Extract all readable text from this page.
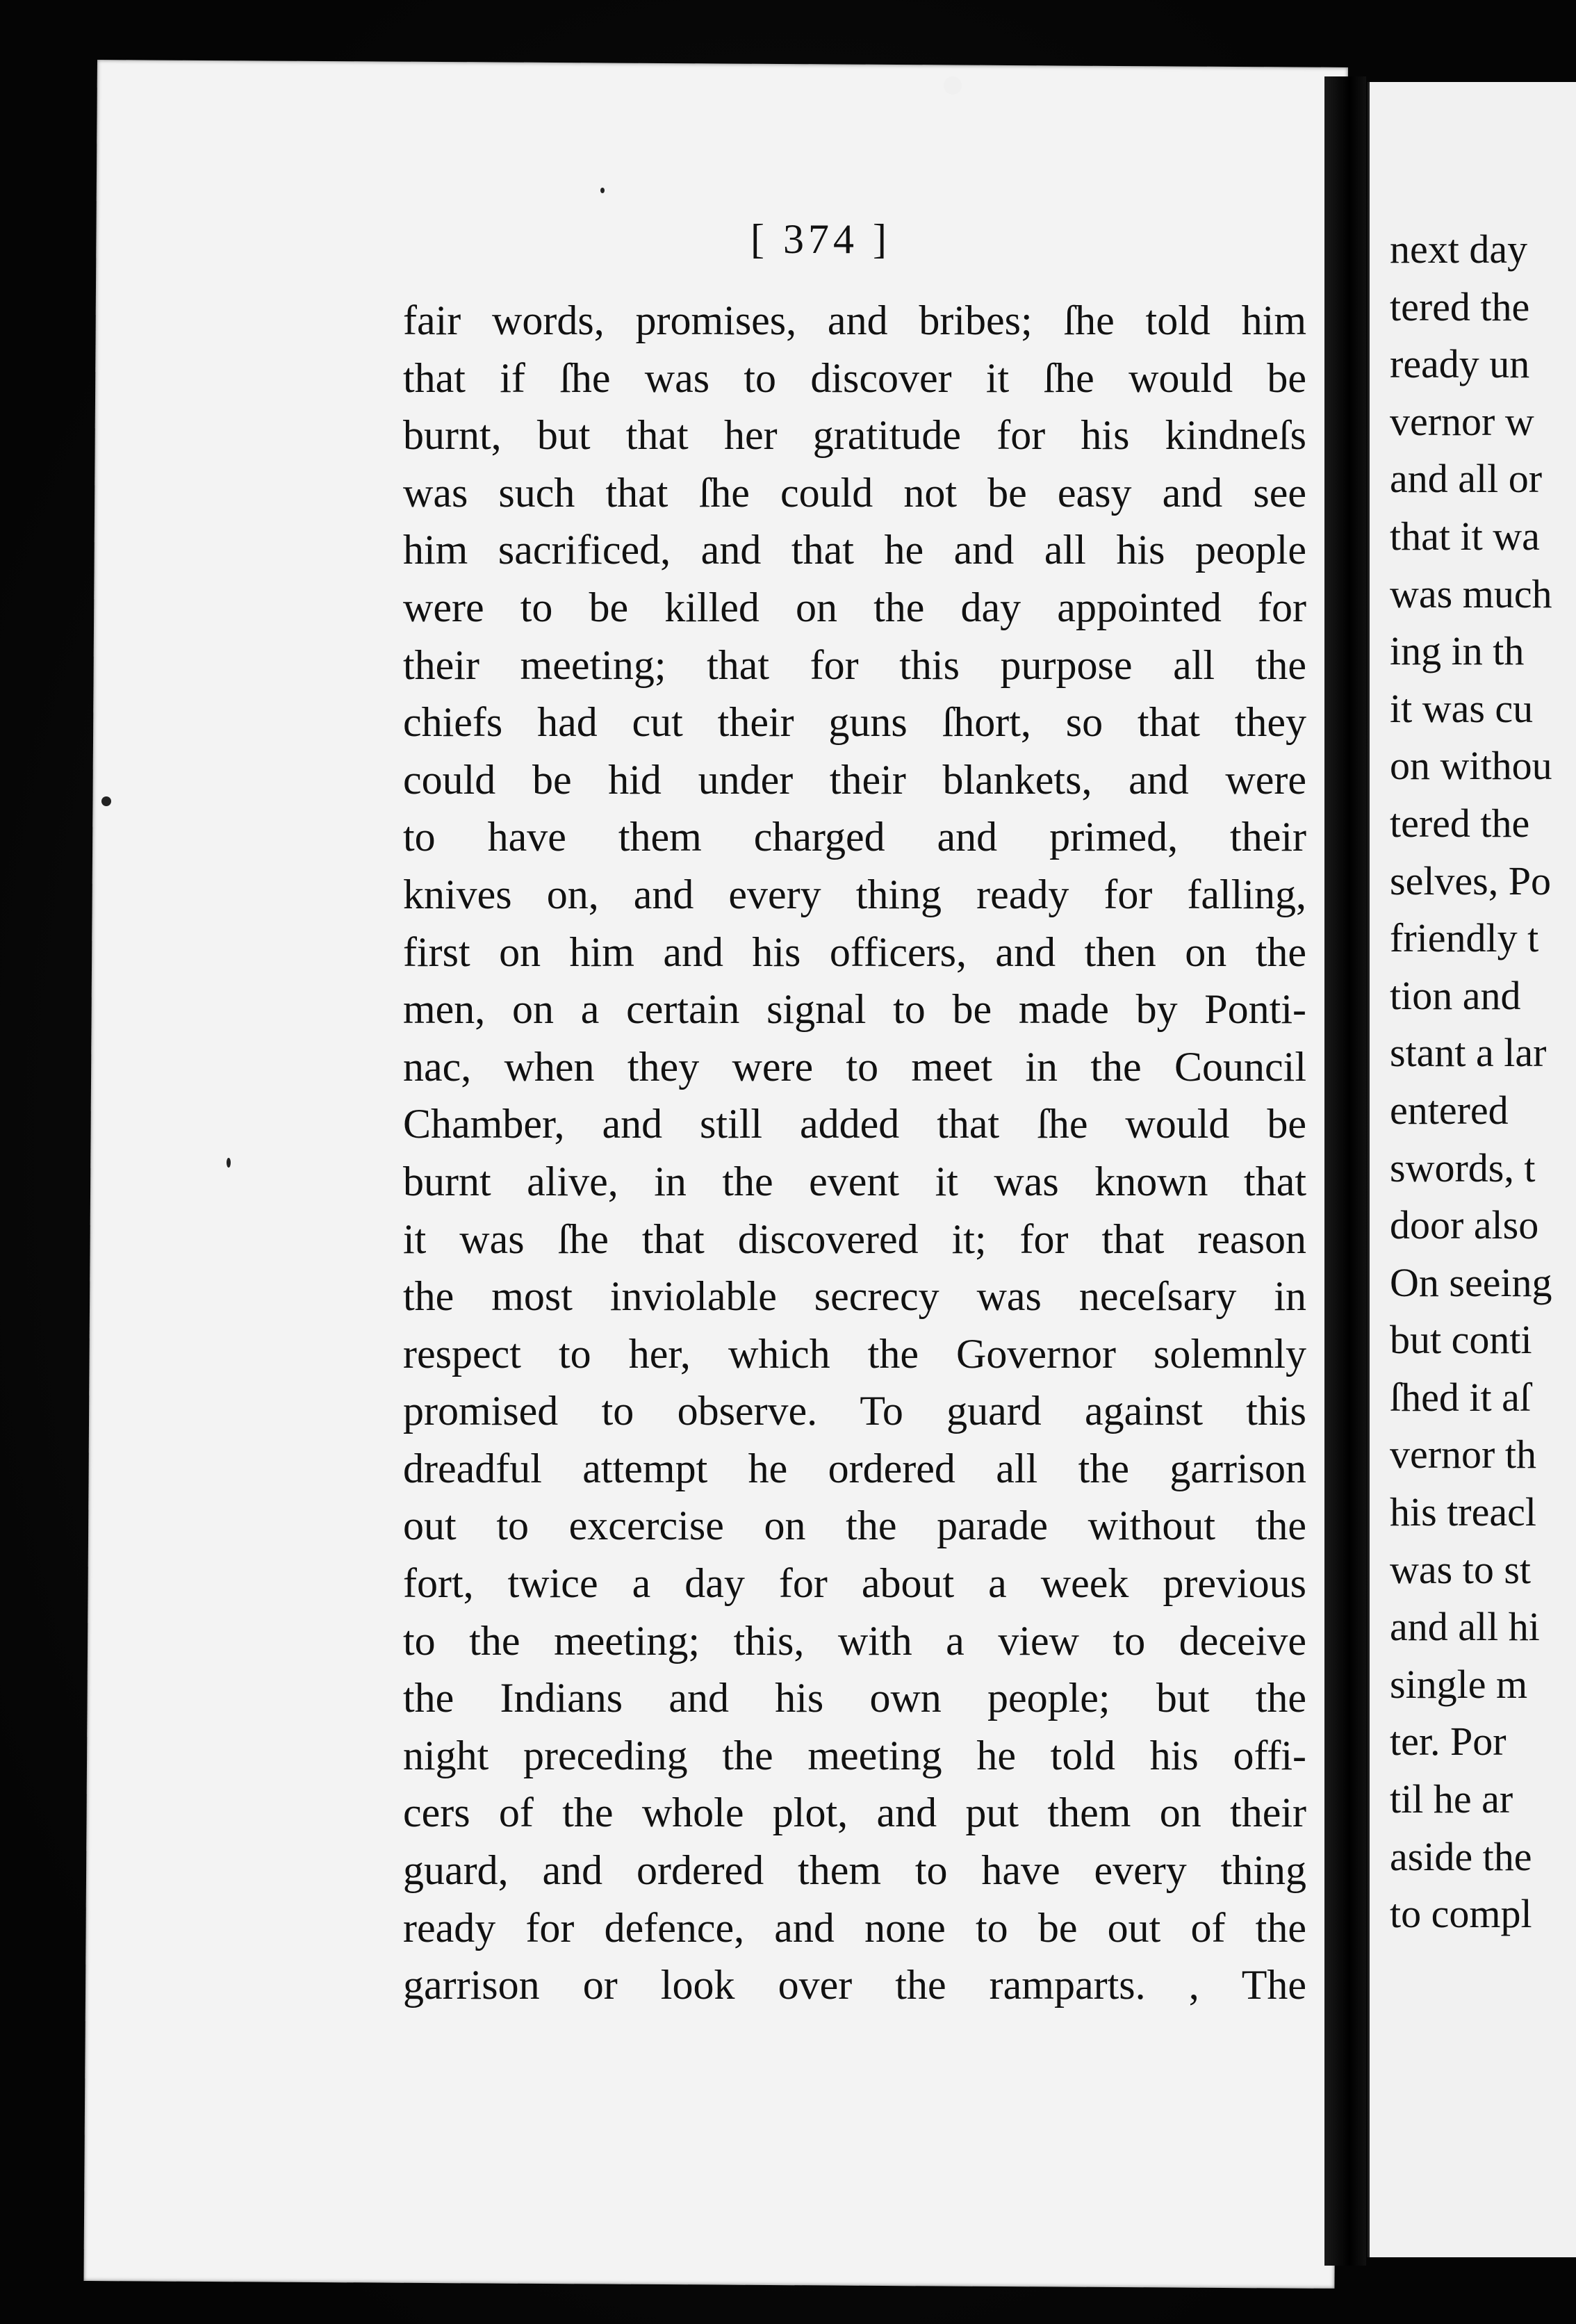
[ 374 ]
fair words, promises, and bribes; ſhe told him
that if ſhe was to discover it ſhe would be
burnt, but that her gratitude for his kindneſs
was such that ſhe could not be easy and see
him sacrificed, and that he and all his people
were to be killed on the day appointed for
their meeting; that for this purpose all the
chiefs had cut their guns ſhort, so that they
could be hid under their blankets, and were
to have them charged and primed, their
knives on, and every thing ready for falling,
first on him and his officers, and then on the
men, on a certain signal to be made by Ponti-
nac, when they were to meet in the Council
Chamber, and still added that ſhe would be
burnt alive, in the event it was known that
it was ſhe that discovered it; for that reason
the most inviolable secrecy was neceſsary in
respect to her, which the Governor solemnly
promised to observe. To guard against this
dreadful attempt he ordered all the garrison
out to excercise on the parade without the
fort, twice a day for about a week previous
to the meeting; this, with a view to deceive
the Indians and his own people; but the
night preceding the meeting he told his offi-
cers of the whole plot, and put them on their
guard, and ordered them to have every thing
ready for defence, and none to be out of the
garrison or look over the ramparts. , The
next day
tered the
ready un
vernor w
and all or
that it wa
was much
ing in th
it was cu
on withou
tered the
selves, Po
friendly t
tion and
stant a lar
entered
swords, t
door also
On seeing
but conti
ſhed it aſ
vernor th
his treacl
was to st
and all hi
single m
ter. Por
til he ar
aside the
to compl
